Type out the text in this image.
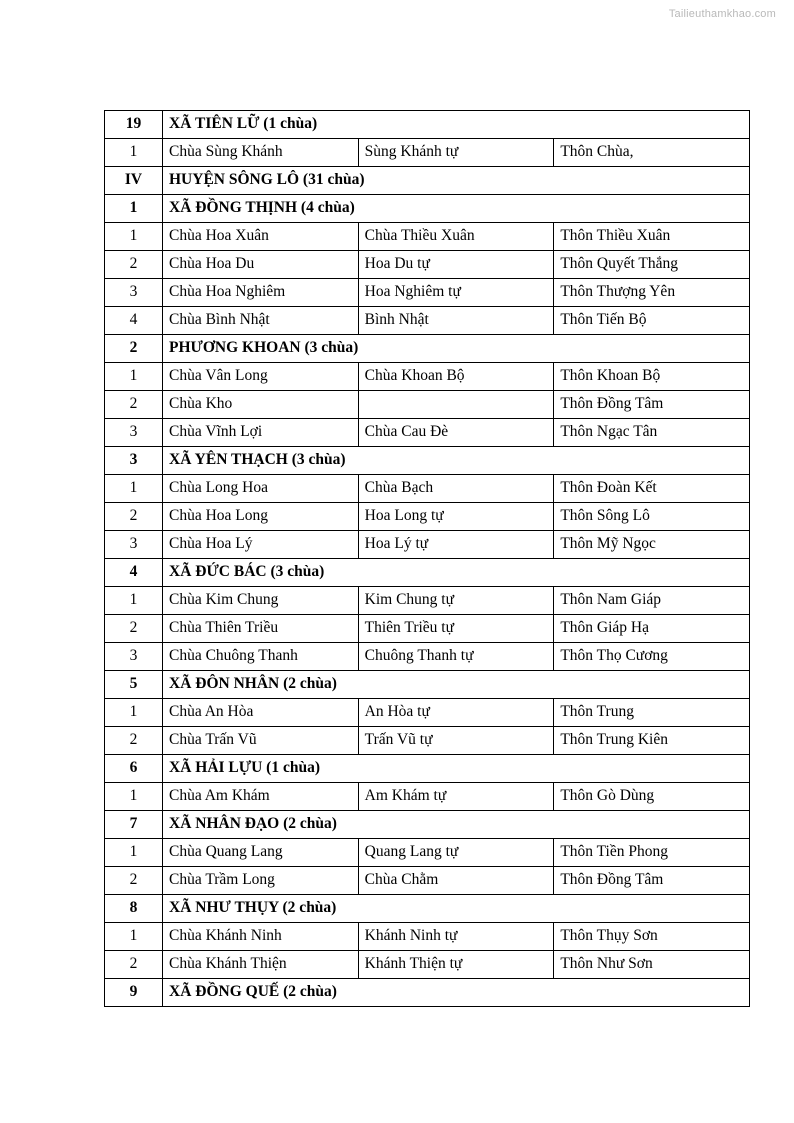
Tailieuthamkhao.com
19	XÃ TIÊN LỮ (1 chùa)		
1	Chùa Sùng Khánh	Sùng Khánh tự	Thôn Chùa,
IV	HUYỆN SÔNG LÔ (31 chùa)		
1	XÃ ĐỒNG THỊNH (4 chùa)		
1	Chùa Hoa Xuân	Chùa Thiều Xuân	Thôn Thiều Xuân
2	Chùa Hoa Du	Hoa Du tự	Thôn Quyết Thắng
3	Chùa Hoa Nghiêm	Hoa Nghiêm tự	Thôn Thượng Yên
4	Chùa Bình Nhật	Bình Nhật	Thôn Tiến Bộ
2	PHƯƠNG KHOAN (3 chùa)		
1	Chùa Vân Long	Chùa Khoan Bộ	Thôn Khoan Bộ
2	Chùa Kho		Thôn Đồng Tâm
3	Chùa Vĩnh Lợi	Chùa Cau Đè	Thôn Ngạc Tân
3	XÃ YÊN THẠCH (3 chùa)		
1	Chùa Long Hoa	Chùa Bạch	Thôn Đoàn Kết
2	Chùa Hoa Long	Hoa Long tự	Thôn Sông Lô
3	Chùa Hoa Lý	Hoa Lý tự	Thôn Mỹ Ngọc
4	XÃ ĐỨC BÁC (3 chùa)		
1	Chùa Kim Chung	Kim Chung tự	Thôn Nam Giáp
2	Chùa Thiên Triều	Thiên Triều tự	Thôn Giáp Hạ
3	Chùa Chuông Thanh	Chuông Thanh tự	Thôn Thọ Cương
5	XÃ ĐÔN NHÂN (2 chùa)		
1	Chùa An Hòa	An Hòa tự	Thôn Trung
2	Chùa Trấn Vũ	Trấn Vũ tự	Thôn Trung Kiên
6	XÃ HẢI LỰU (1 chùa)		
1	Chùa Am Khám	Am Khám tự	Thôn Gò Dùng
7	XÃ NHÂN ĐẠO (2 chùa)		
1	Chùa Quang Lang	Quang Lang tự	Thôn Tiền Phong
2	Chùa Trầm Long	Chùa Chằm	Thôn Đồng Tâm
8	XÃ NHƯ THỤY (2 chùa)		
1	Chùa Khánh Ninh	Khánh Ninh tự	Thôn Thụy Sơn
2	Chùa Khánh Thiện	Khánh Thiện tự	Thôn Như Sơn
9	XÃ ĐỒNG QUẾ (2 chùa)		
